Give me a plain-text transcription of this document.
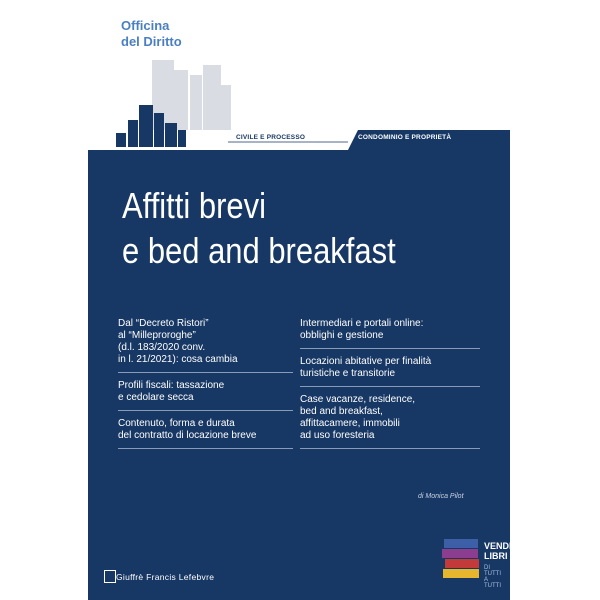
Officina
del Diritto
CIVILE E PROCESSO	CONDOMINIO E PROPRIETÀ
Affitti brevi
e bed and breakfast
Dal “Decreto Ristori”
al “Milleproroghe”
(d.l. 183/2020 conv.
in l. 21/2021): cosa cambia
Profili fiscali: tassazione
e cedolare secca
Contenuto, forma e durata
del contratto di locazione breve
Intermediari e portali online:
obblighi e gestione
Locazioni abitative per finalità
turistiche e transitorie
Case vacanze, residence,
bed and breakfast,
affittacamere, immobili
ad uso foresteria
di Monica Pilot
Giuffrè Francis Lefebvre
VENDIAMO
LIBRI
DI TUTTI A TUTTI
